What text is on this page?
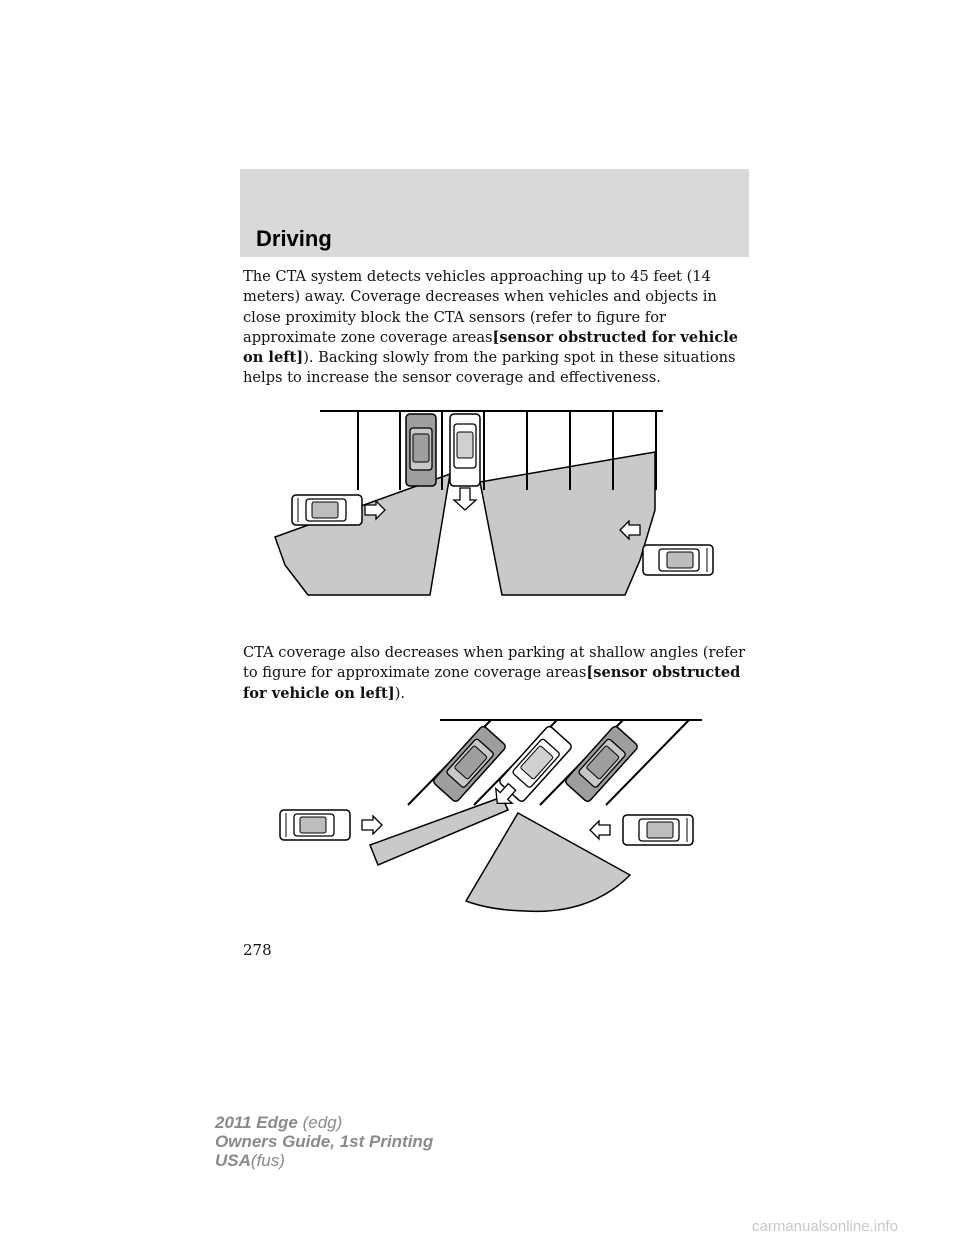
Driving

The CTA system detects vehicles approaching up to 45 feet (14 meters) away. Coverage decreases when vehicles and objects in close proximity block the CTA sensors (refer to figure for approximate zone coverage areas[sensor obstructed for vehicle on left]). Backing slowly from the parking spot in these situations helps to increase the sensor coverage and effectiveness.

CTA coverage also decreases when parking at shallow angles (refer to figure for approximate zone coverage areas[sensor obstructed for vehicle on left]).

278
2011 Edge (edg)
Owners Guide, 1st Printing
USA(fus)
carmanualsonline.info
